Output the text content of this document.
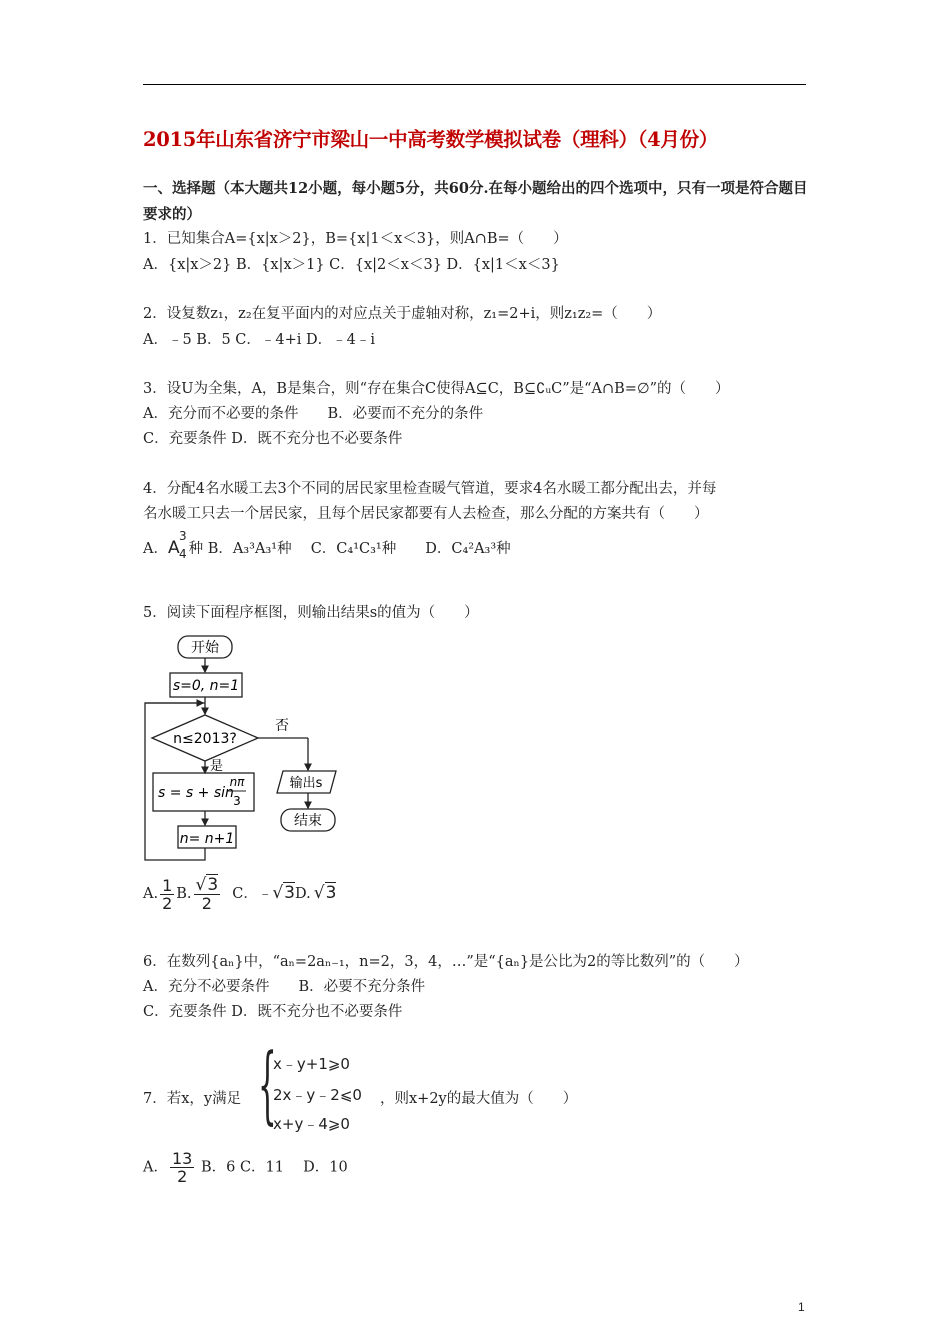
2015年山东省济宁市梁山一中高考数学模拟试卷（理科）（4月份）
一、选择题（本大题共12小题，每小题5分，共60分.在每小题给出的四个选项中，只有一项是符合题目要求的）
1．已知集合A={x|x＞2}，B={x|1＜x＜3}，则A∩B=（　　）
A．{x|x＞2} B．{x|x＞1} C．{x|2＜x＜3} D．{x|1＜x＜3}
2．设复数z₁，z₂在复平面内的对应点关于虚轴对称，z₁=2+i，则z₁z₂=（　　）
A．﹣5 B．5 C．﹣4+i D．﹣4﹣i
3．设U为全集，A，B是集合，则“存在集合C使得A⊆C，B⊆∁ᵤC”是“A∩B=∅”的（　　）
A．充分而不必要的条件　　B．必要而不充分的条件
C．充要条件 D．既不充分也不必要条件
4．分配4名水暖工去3个不同的居民家里检查暖气管道，要求4名水暖工都分配出去，并每
名水暖工只去一个居民家，且每个居民家都要有人去检查，那么分配的方案共有（　　）
A．A
3
4 种 B．A₃³A₃¹种　 C．C₄¹C₃¹种　　D．C₄²A₃³种
5．阅读下面程序框图，则输出结果s的值为（　　）
开始
s=0, n=1
n≤2013?
否
是
s = s + sin
nπ
3
n= n+1
输出s
结束
A. $\frac{1}{2} B$. $\frac{√3}{2}$ C．﹣√3D. √3
6．在数列{aₙ}中，“aₙ=2aₙ₋₁，n=2，3，4，…”是“{aₙ}是公比为2的等比数列”的（　　）
A．充分不必要条件　　B．必要不充分条件
C．充要条件 D．既不充分也不必要条件
7．若x，y满足 {
x﹣y+1⩾0
2x﹣y﹣2⩽0
x+y﹣4⩾0
，则x+2y的最大值为（　　）
A． $\frac{13}{2}$ B．6 C．11　 D．10
1
